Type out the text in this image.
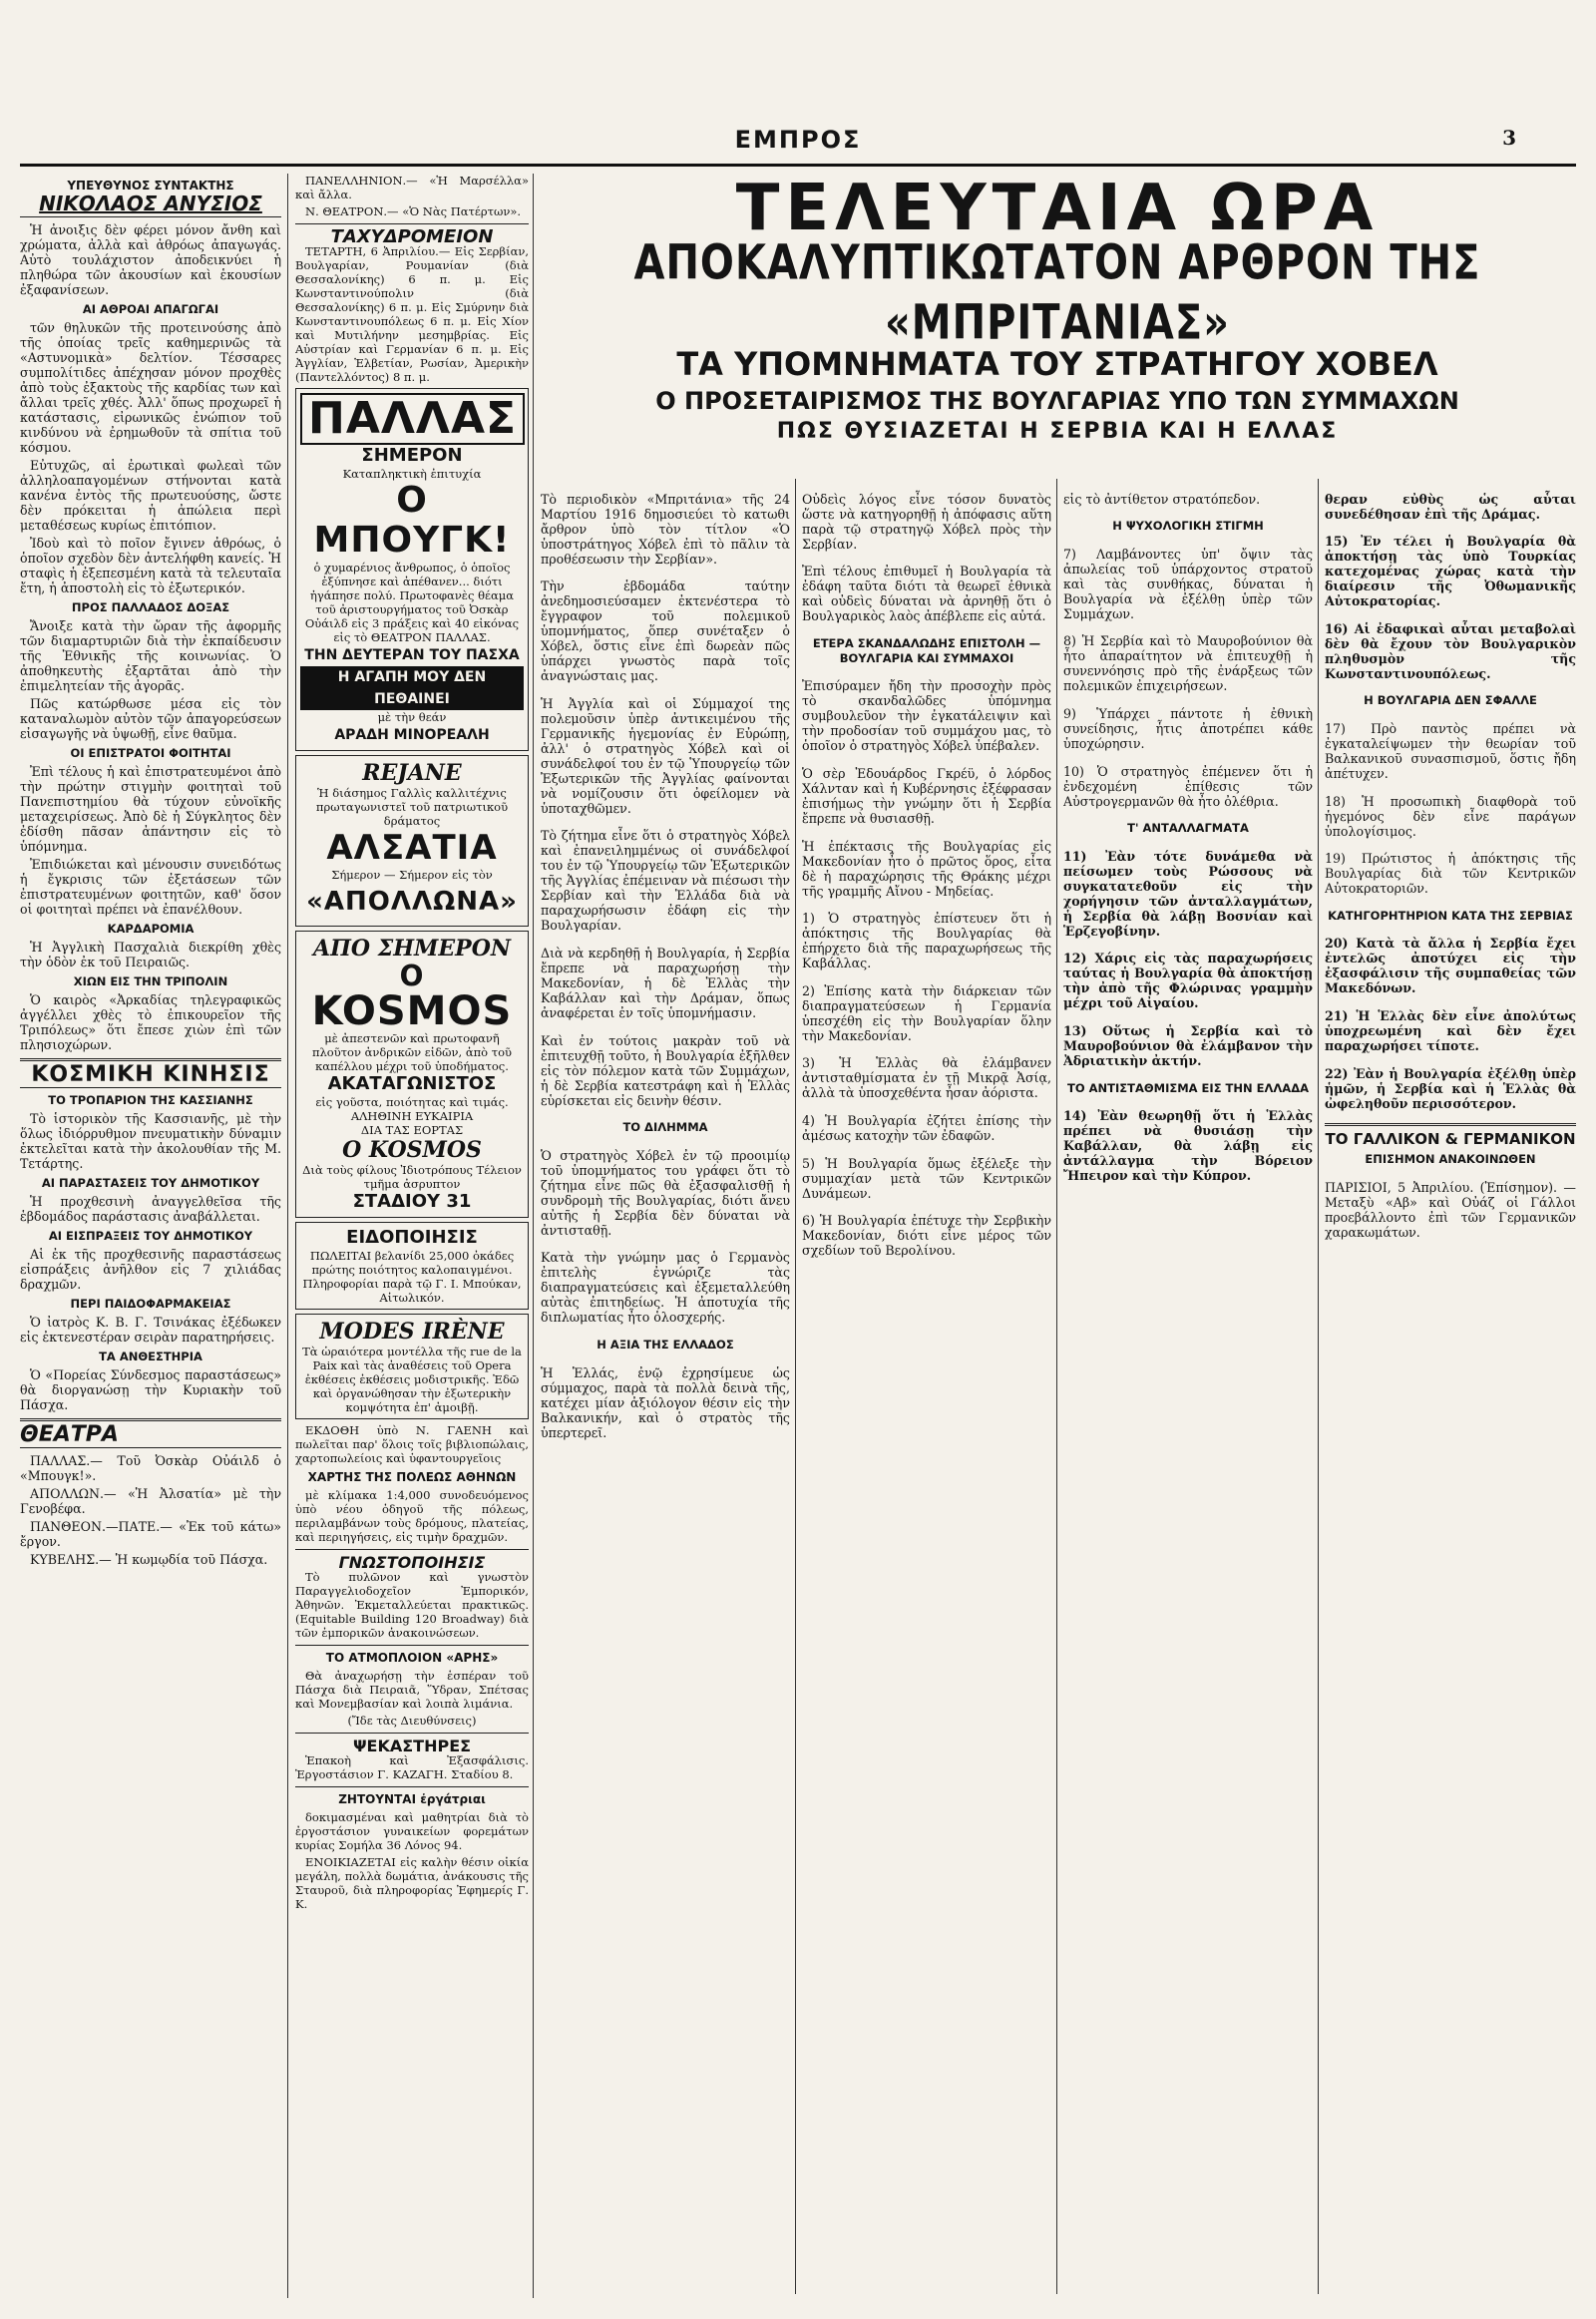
ΕΜΠΡΟΣ	3
ΥΠΕΥΘΥΝΟΣ ΣΥΝΤΑΚΤΗΣ
ΝΙΚΟΛΑΟΣ ΑΝΥΣΙΟΣ

Ἡ ἀνοιξις δὲν φέρει μόνον ἄνθη καὶ χρώματα, ἀλλὰ καὶ ἀθρόως ἀπαγωγάς. Αὐτὸ τουλάχιστον ἀποδεικνύει ἡ πληθώρα τῶν ἀκουσίων καὶ ἑκουσίων ἐξαφανίσεων.

ΑΙ ΑΘΡΟΑΙ ΑΠΑΓΩΓΑΙ

τῶν θηλυκῶν τῆς προτεινούσης ἀπὸ τῆς ὁποίας τρεῖς καθημερινῶς τὰ «Αστυνομικὰ» δελτίον. Τέσσαρες συμπολίτιδες ἀπέχησαν μόνον προχθὲς ἀπὸ τοὺς ἐξακτοὺς τῆς καρδίας των καὶ ἄλλαι τρεῖς χθές. Ἀλλ' ὅπως προχωρεῖ ἡ κατάστασις, εἰρωνικῶς ἐνώπιον τοῦ κινδύνου νὰ ἐρημωθοῦν τὰ σπίτια τοῦ κόσμου.

Εὐτυχῶς, αἱ ἐρωτικαὶ φωλεαὶ τῶν ἀλληλοαπαγομένων στήνονται κατὰ κανένα ἐντὸς τῆς πρωτευούσης, ὥστε δὲν πρόκειται ἡ ἀπώλεια περὶ μεταθέσεως κυρίως ἐπιτόπιον.

Ἰδοὺ καὶ τὸ ποῖον ἔγινεν ἀθρόως, ὁ ὁποῖον σχεδὸν δὲν ἀντελήφθη κανείς. Ἡ σταφὶς ἡ ἐξεπεσμένη κατὰ τὰ τελευταῖα ἔτη, ἡ ἀποστολὴ εἰς τὸ ἐξωτερικόν.

ΠΡΟΣ ΠΑΛΛΑΔΟΣ ΔΟΞΑΣ

Ἄνοιξε κατὰ τὴν ὥραν τῆς ἀφορμῆς τῶν διαμαρτυριῶν διὰ τὴν ἐκπαίδευσιν τῆς Ἐθνικῆς τῆς κοινωνίας. Ὁ ἀποθηκευτὴς ἐξαρτᾶται ἀπὸ τὴν ἐπιμελητείαν τῆς ἀγορᾶς.

Πῶς κατώρθωσε μέσα εἰς τὸν καταναλωμὸν αὐτὸν τῶν ἀπαγορεύσεων εἰσαγωγῆς νὰ ὑψωθῇ, εἶνε θαῦμα.

ΟΙ ΕΠΙΣΤΡΑΤΟΙ ΦΟΙΤΗΤΑΙ

Ἐπὶ τέλους ἡ καὶ ἐπιστρατευμένοι ἀπὸ τὴν πρώτην στιγμὴν φοιτηταὶ τοῦ Πανεπιστημίου θὰ τύχουν εὐνοϊκῆς μεταχειρίσεως. Ἀπὸ δὲ ἡ Σύγκλητος δὲν ἐδίσθη πᾶσαν ἀπάντησιν εἰς τὸ ὑπόμνημα.

Ἐπιδιώκεται καὶ μένουσιν συνειδότως ἡ ἔγκρισις τῶν ἐξετάσεων τῶν ἐπιστρατευμένων φοιτητῶν, καθ' ὅσον οἱ φοιτηταὶ πρέπει νὰ ἐπανέλθουν.

ΚΑΡΔΑΡΟΜΙΑ

Ἡ Ἀγγλικὴ Πασχαλιὰ διεκρίθη χθὲς τὴν ὁδὸν ἐκ τοῦ Πειραιῶς.

ΧΙΩΝ ΕΙΣ ΤΗΝ ΤΡΙΠΟΛΙΝ

Ὁ καιρὸς «Ἀρκαδίας τηλεγραφικῶς ἀγγέλλει χθὲς τὸ ἐπικουρεῖον τῆς Τριπόλεως» ὅτι ἔπεσε χιὼν ἐπὶ τῶν πλησιοχώρων.

ΚΟΣΜΙΚΗ ΚΙΝΗΣΙΣ
ΤΟ ΤΡΟΠΑΡΙΟΝ ΤΗΣ ΚΑΣΣΙΑΝΗΣ

Τὸ ἱστορικὸν τῆς Κασσιανῆς, μὲ τὴν ὅλως ἰδιόρρυθμον πνευματικὴν δύναμιν ἐκτελεῖται κατὰ τὴν ἀκολουθίαν τῆς Μ. Τετάρτης.

ΑΙ ΠΑΡΑΣΤΑΣΕΙΣ ΤΟΥ ΔΗΜΟΤΙΚΟΥ

Ἡ προχθεσινὴ ἀναγγελθεῖσα τῆς ἑβδομάδος παράστασις ἀναβάλλεται.

ΑΙ ΕΙΣΠΡΑΞΕΙΣ ΤΟΥ ΔΗΜΟΤΙΚΟΥ

Αἱ ἐκ τῆς προχθεσινῆς παραστάσεως εἰσπράξεις ἀνῆλθον εἰς 7 χιλιάδας δραχμῶν.

ΠΕΡΙ ΠΑΙΔΟΦΑΡΜΑΚΕΙΑΣ

Ὁ ἰατρὸς Κ. Β. Γ. Τσινάκας ἐξέδωκεν εἰς ἐκτενεστέραν σειρὰν παρατηρήσεις.

ΤΑ ΑΝΘΕΣΤΗΡΙΑ

Ὁ «Πορείας Σύνδεσμος παραστάσεως» θὰ διοργανώσῃ τὴν Κυριακὴν τοῦ Πάσχα.

ΘΕΑΤΡΑ

ΠΑΛΛΑΣ.— Τοῦ Ὀσκὰρ Οὐάιλδ ὁ «Μπουγκ!».

ΑΠΟΛΛΩΝ.— «Ἡ Ἀλσατία» μὲ τὴν Γενοβέφα.

ΠΑΝΘΕΟΝ.—ΠΑΤΕ.— «Ἐκ τοῦ κάτω» ἔργον.

ΚΥΒΕΛΗΣ.— Ἡ κωμῳδία τοῦ Πάσχα.

ΠΑΝΕΛΛΗΝΙΟΝ.— «Ἡ Μαρσέλλα» καὶ ἄλλα.

Ν. ΘΕΑΤΡΟΝ.— «Ὁ Νὰς Πατέρτων».

ΤΑΧΥΔΡΟΜΕΙΟΝ

ΤΕΤΑΡΤΗ, 6 Ἀπριλίου.— Εἰς Σερβίαν, Βουλγαρίαν, Ρουμανίαν (διὰ Θεσσαλονίκης) 6 π. μ. Εἰς Κωνσταντινούπολιν (διὰ Θεσσαλονίκης) 6 π. μ. Εἰς Σμύρνην διὰ Κωνσταντινουπόλεως 6 π. μ. Εἰς Χίον καὶ Μυτιλήνην μεσημβρίας. Εἰς Αὐστρίαν καὶ Γερμανίαν 6 π. μ. Εἰς Ἀγγλίαν, Ἑλβετίαν, Ρωσίαν, Ἀμερικὴν (Παντελλόντος) 8 π. μ.

ΠΑΛΛΑΣ
ΣΗΜΕΡΟΝ
Καταπληκτικὴ ἐπιτυχία
Ο ΜΠΟΥΓΚ!
ὁ χυμαρένιος ἄνθρωπος, ὁ ὁποῖος ἐξύπνησε καὶ ἀπέθανεν... διότι ἠγάπησε πολύ. Πρωτοφανὲς θέαμα τοῦ ἀριστουργήματος τοῦ Ὀσκὰρ Οὐάιλδ εἰς 3 πράξεις καὶ 40 εἰκόνας εἰς τὸ ΘΕΑΤΡΟΝ ΠΑΛΛΑΣ.
ΤΗΝ ΔΕΥΤΕΡΑΝ ΤΟΥ ΠΑΣΧΑ
Η ΑΓΑΠΗ ΜΟΥ ΔΕΝ ΠΕΘΑΙΝΕΙ
μὲ τὴν θεάν
ΑΡΑΔΗ ΜΙΝΟΡΕΑΛΗ
REJANE
Ἡ διάσημος Γαλλὶς καλλιτέχνις πρωταγωνιστεῖ τοῦ πατριωτικοῦ δράματος
ΑΛΣΑΤΙΑ
Σήμερον — Σήμερον εἰς τὸν
«ΑΠΟΛΛΩΝΑ»
ΑΠΟ ΣΗΜΕΡΟΝ
Ο
KOSMOS
μὲ ἀπεστενῶν καὶ πρωτοφανῆ πλοῦτον ἀνδρικῶν εἰδῶν, ἀπὸ τοῦ καπέλλου μέχρι τοῦ ὑποδήματος.
ΑΚΑΤΑΓΩΝΙΣΤΟΣ
εἰς γοῦστα, ποιότητας καὶ τιμάς. ΑΛΗΘΙΝΗ ΕΥΚΑΙΡΙΑ
ΔΙΑ ΤΑΣ ΕΟΡΤΑΣ
Ο KOSMOS
Διὰ τοὺς φίλους Ἰδιοτρόπους Τέλειον τμῆμα ἀσρυπτον
ΣΤΑΔΙΟΥ 31
ΕΙΔΟΠΟΙΗΣΙΣ
ΠΩΛΕΙΤΑΙ βελανίδι 25,000 ὀκάδες πρώτης ποιότητος καλοπαιγμένοι. Πληροφορίαι παρὰ τῷ Γ. Ι. Μπούκαν, Αἰτωλικόν.
MODES IRÈNE
Τὰ ὡραιότερα μοντέλλα τῆς rue de la Paix καὶ τὰς ἀναθέσεις τοῦ Opera ἐκθέσεις ἐκθέσεις μοδιστρικῆς. Ἐδῶ καὶ ὀργανώθησαν τὴν ἐξωτερικὴν κομψότητα ἐπ' ἀμοιβῇ.

ΕΚΔΟΘΗ ὑπὸ Ν. ΓΑΕΝΗ καὶ πωλεῖται παρ' ὅλοις τοῖς βιβλιοπώλαις, χαρτοπωλείοις καὶ ὑφαντουργεῖοις

ΧΑΡΤΗΣ ΤΗΣ ΠΟΛΕΩΣ ΑΘΗΝΩΝ

μὲ κλίμακα 1:4,000 συνοδευόμενος ὑπὸ νέου ὁδηγοῦ τῆς πόλεως, περιλαμβάνων τοὺς δρόμους, πλατείας, καὶ περιηγήσεις, εἰς τιμὴν δραχμῶν.

ΓΝΩΣΤΟΠΟΙΗΣΙΣ

Τὸ πυλῶνον καὶ γνωστὸν Παραγγελιοδοχεῖον Ἐμπορικόν, Ἀθηνῶν. Ἐκμεταλλεύεται πρακτικῶς. (Equitable Building 120 Broadway) διὰ τῶν ἐμπορικῶν ἀνακοινώσεων.

ΤΟ ΑΤΜΟΠΛΟΙΟΝ «ΑΡΗΣ»

Θὰ ἀναχωρήσῃ τὴν ἑσπέραν τοῦ Πάσχα διὰ Πειραιᾶ, Ὕδραν, Σπέτσας καὶ Μονεμβασίαν καὶ λοιπὰ λιμάνια.

(Ἴδε τὰς Διευθύνσεις)
ΨΕΚΑΣΤΗΡΕΣ

Ἑπακοὴ καὶ Ἐξασφάλισις. Ἐργοστάσιον Γ. ΚΑΖΑΓΗ. Σταδίου 8.

ΖΗΤΟΥΝΤΑΙ ἐργάτριαι

δοκιμασμέναι καὶ μαθητρίαι διὰ τὸ ἐργοστάσιον γυναικείων φορεμάτων κυρίας Σομήλα 36 Λόνος 94.

ΕΝΟΙΚΙΑΖΕΤΑΙ εἰς καλὴν θέσιν οἰκία μεγάλη, πολλὰ δωμάτια, ἀνάκουσις τῆς Σταυροῦ, διὰ πληροφορίας Ἐφημερίς Γ. Κ.

ΤΕΛΕΥΤΑΙΑ ΩΡΑ
ΑΠΟΚΑΛΥΠΤΙΚΩΤΑΤΟΝ ΑΡΘΡΟΝ ΤΗΣ «ΜΠΡΙΤΑΝΙΑΣ»
ΤΑ ΥΠΟΜΝΗΜΑΤΑ ΤΟΥ ΣΤΡΑΤΗΓΟΥ ΧΟΒΕΛ
Ο ΠΡΟΣΕΤΑΙΡΙΣΜΟΣ ΤΗΣ ΒΟΥΛΓΑΡΙΑΣ ΥΠΟ ΤΩΝ ΣΥΜΜΑΧΩΝ
ΠΩΣ ΘΥΣΙΑΖΕΤΑΙ Η ΣΕΡΒΙΑ ΚΑΙ Η ΕΛΛΑΣ

Τὸ περιοδικὸν «Μπριτάνια» τῆς 24 Μαρτίου 1916 δημοσιεύει τὸ κατωθι ἄρθρον ὑπὸ τὸν τίτλον «Ὁ ὑποστράτηγος Χόβελ ἐπὶ τὸ πᾶλιν τὰ προθέσεωσιν τὴν Σερβίαν».

Τὴν ἑβδομάδα ταύτην ἀνεδημοσιεύσαμεν ἐκτενέστερα τὸ ἔγγραφον τοῦ πολεμικοῦ ὑπομνήματος, ὅπερ συνέταξεν ὁ Χόβελ, ὅστις εἶνε ἐπὶ δωρεὰν πῶς ὑπάρχει γνωστὸς παρὰ τοῖς ἀναγνώσταις μας.

Ἡ Ἀγγλία καὶ οἱ Σύμμαχοί της πολεμοῦσιν ὑπὲρ ἀντικειμένου τῆς Γερμανικῆς ἡγεμονίας ἐν Εὐρώπῃ, ἀλλ' ὁ στρατηγὸς Χόβελ καὶ οἱ συνάδελφοί του ἐν τῷ Ὑπουργείῳ τῶν Ἐξωτερικῶν τῆς Ἀγγλίας φαίνονται νὰ νομίζουσιν ὅτι ὀφείλομεν νὰ ὑποταχθῶμεν.

Τὸ ζήτημα εἶνε ὅτι ὁ στρατηγὸς Χόβελ καὶ ἐπανειλημμένως οἱ συνάδελφοί του ἐν τῷ Ὑπουργείῳ τῶν Ἐξωτερικῶν τῆς Ἀγγλίας ἐπέμειναν νὰ πιέσωσι τὴν Σερβίαν καὶ τὴν Ἑλλάδα διὰ νὰ παραχωρήσωσιν ἐδάφη εἰς τὴν Βουλγαρίαν.

Διὰ νὰ κερδηθῇ ἡ Βουλγαρία, ἡ Σερβία ἔπρεπε νὰ παραχωρήσῃ τὴν Μακεδονίαν, ἡ δὲ Ἑλλὰς τὴν Καβάλλαν καὶ τὴν Δράμαν, ὅπως ἀναφέρεται ἐν τοῖς ὑπομνήμασιν.

Καὶ ἐν τούτοις μακρὰν τοῦ νὰ ἐπιτευχθῇ τοῦτο, ἡ Βουλγαρία ἐξῆλθεν εἰς τὸν πόλεμον κατὰ τῶν Συμμάχων, ἡ δὲ Σερβία κατεστράφη καὶ ἡ Ἑλλὰς εὑρίσκεται εἰς δεινὴν θέσιν.

ΤΟ ΔΙΛΗΜΜΑ

Ὁ στρατηγὸς Χόβελ ἐν τῷ προοιμίῳ τοῦ ὑπομνήματος του γράφει ὅτι τὸ ζήτημα εἶνε πῶς θὰ ἐξασφαλισθῇ ἡ συνδρομὴ τῆς Βουλγαρίας, διότι ἄνευ αὐτῆς ἡ Σερβία δὲν δύναται νὰ ἀντισταθῇ.

Κατὰ τὴν γνώμην μας ὁ Γερμανὸς ἐπιτελὴς ἐγνώριζε τὰς διαπραγματεύσεις καὶ ἐξεμεταλλεύθη αὐτὰς ἐπιτηδείως. Ἡ ἀποτυχία τῆς διπλωματίας ἦτο ὁλοσχερής.

Η ΑΞΙΑ ΤΗΣ ΕΛΛΑΔΟΣ

Ἡ Ἑλλάς, ἐνῷ ἐχρησίμευε ὡς σύμμαχος, παρὰ τὰ πολλὰ δεινὰ τῆς, κατέχει μίαν ἀξιόλογον θέσιν εἰς τὴν Βαλκανικήν, καὶ ὁ στρατὸς τῆς ὑπερτερεῖ.

Οὐδεὶς λόγος εἶνε τόσον δυνατὸς ὥστε νὰ κατηγορηθῇ ἡ ἀπόφασις αὕτη παρὰ τῷ στρατηγῷ Χόβελ πρὸς τὴν Σερβίαν.

Ἐπὶ τέλους ἐπιθυμεῖ ἡ Βουλγαρία τὰ ἐδάφη ταῦτα διότι τὰ θεωρεῖ ἐθνικὰ καὶ οὐδεὶς δύναται νὰ ἀρνηθῇ ὅτι ὁ Βουλγαρικὸς λαὸς ἀπέβλεπε εἰς αὐτά.

ΕΤΕΡΑ ΣΚΑΝΔΑΛΩΔΗΣ ΕΠΙΣΤΟΛΗ — ΒΟΥΛΓΑΡΙΑ ΚΑΙ ΣΥΜΜΑΧΟΙ

Ἐπισύραμεν ἤδη τὴν προσοχὴν πρὸς τὸ σκανδαλῶδες ὑπόμνημα συμβουλεῦον τὴν ἐγκατάλειψιν καὶ τὴν προδοσίαν τοῦ συμμάχου μας, τὸ ὁποῖον ὁ στρατηγὸς Χόβελ ὑπέβαλεν.

Ὁ σὲρ Ἐδουάρδος Γκρέϋ, ὁ λόρδος Χάλνταν καὶ ἡ Κυβέρνησις ἐξέφρασαν ἐπισήμως τὴν γνώμην ὅτι ἡ Σερβία ἔπρεπε νὰ θυσιασθῇ.

Ἡ ἐπέκτασις τῆς Βουλγαρίας εἰς Μακεδονίαν ἦτο ὁ πρῶτος ὅρος, εἶτα δὲ ἡ παραχώρησις τῆς Θράκης μέχρι τῆς γραμμῆς Αἴνου - Μηδείας.

1) Ὁ στρατηγὸς ἐπίστευεν ὅτι ἡ ἀπόκτησις τῆς Βουλγαρίας θὰ ἐπήρχετο διὰ τῆς παραχωρήσεως τῆς Καβάλλας.

2) Ἐπίσης κατὰ τὴν διάρκειαν τῶν διαπραγματεύσεων ἡ Γερμανία ὑπεσχέθη εἰς τὴν Βουλγαρίαν ὅλην τὴν Μακεδονίαν.

3) Ἡ Ἑλλὰς θὰ ἐλάμβανεν ἀντισταθμίσματα ἐν τῇ Μικρᾷ Ἀσίᾳ, ἀλλὰ τὰ ὑποσχεθέντα ἦσαν ἀόριστα.

4) Ἡ Βουλγαρία ἐζήτει ἐπίσης τὴν ἀμέσως κατοχὴν τῶν ἐδαφῶν.

5) Ἡ Βουλγαρία ὅμως ἐξέλεξε τὴν συμμαχίαν μετὰ τῶν Κεντρικῶν Δυνάμεων.

6) Ἡ Βουλγαρία ἐπέτυχε τὴν Σερβικὴν Μακεδονίαν, διότι εἶνε μέρος τῶν σχεδίων τοῦ Βερολίνου.

εἰς τὸ ἀντίθετον στρατόπεδον.

Η ΨΥΧΟΛΟΓΙΚΗ ΣΤΙΓΜΗ

7) Λαμβάνοντες ὑπ' ὄψιν τὰς ἀπωλείας τοῦ ὑπάρχοντος στρατοῦ καὶ τὰς συνθήκας, δύναται ἡ Βουλγαρία νὰ ἐξέλθῃ ὑπὲρ τῶν Συμμάχων.

8) Ἡ Σερβία καὶ τὸ Μαυροβούνιον θὰ ἦτο ἀπαραίτητον νὰ ἐπιτευχθῇ ἡ συνεννόησις πρὸ τῆς ἐνάρξεως τῶν πολεμικῶν ἐπιχειρήσεων.

9) Ὑπάρχει πάντοτε ἡ ἐθνικὴ συνείδησις, ἧτις ἀποτρέπει κάθε ὑποχώρησιν.

10) Ὁ στρατηγὸς ἐπέμενεν ὅτι ἡ ἐνδεχομένη ἐπίθεσις τῶν Αὐστρογερμανῶν θὰ ἦτο ὀλέθρια.

Τ' ΑΝΤΑΛΛΑΓΜΑΤΑ

11) Ἐὰν τότε δυνάμεθα νὰ πείσωμεν τοὺς Ρώσσους νὰ συγκατατεθοῦν εἰς τὴν χορήγησιν τῶν ἀνταλλαγμάτων, ἡ Σερβία θὰ λάβῃ Βοσνίαν καὶ Ἑρζεγοβίνην.

12) Χάρις εἰς τὰς παραχωρήσεις ταύτας ἡ Βουλγαρία θὰ ἀποκτήσῃ τὴν ἀπὸ τῆς Φλώρινας γραμμὴν μέχρι τοῦ Αἰγαίου.

13) Οὕτως ἡ Σερβία καὶ τὸ Μαυροβούνιον θὰ ἐλάμβανον τὴν Ἀδριατικὴν ἀκτήν.

ΤΟ ΑΝΤΙΣΤΑΘΜΙΣΜΑ ΕΙΣ ΤΗΝ ΕΛΛΑΔΑ

14) Ἐὰν θεωρηθῇ ὅτι ἡ Ἑλλὰς πρέπει νὰ θυσιάσῃ τὴν Καβάλλαν, θὰ λάβῃ εἰς ἀντάλλαγμα τὴν Βόρειον Ἤπειρον καὶ τὴν Κύπρον.

θεραν εὐθὺς ὡς αὗται συνεδέθησαν ἐπὶ τῆς Δράμας.

15) Ἐν τέλει ἡ Βουλγαρία θὰ ἀποκτήσῃ τὰς ὑπὸ Τουρκίας κατεχομένας χώρας κατὰ τὴν διαίρεσιν τῆς Ὀθωμανικῆς Αὐτοκρατορίας.

16) Αἱ ἐδαφικαὶ αὗται μεταβολαὶ δὲν θὰ ἔχουν τὸν Βουλγαρικὸν πληθυσμὸν τῆς Κωνσταντινουπόλεως.

Η ΒΟΥΛΓΑΡΙΑ ΔΕΝ ΣΦΑΛΛΕ

17) Πρὸ παντὸς πρέπει νὰ ἐγκαταλείψωμεν τὴν θεωρίαν τοῦ Βαλκανικοῦ συνασπισμοῦ, ὅστις ἤδη ἀπέτυχεν.

18) Ἡ προσωπικὴ διαφθορὰ τοῦ ἡγεμόνος δὲν εἶνε παράγων ὑπολογίσιμος.

19) Πρώτιστος ἡ ἀπόκτησις τῆς Βουλγαρίας διὰ τῶν Κεντρικῶν Αὐτοκρατοριῶν.

ΚΑΤΗΓΟΡΗΤΗΡΙΟΝ ΚΑΤΑ ΤΗΣ ΣΕΡΒΙΑΣ

20) Κατὰ τὰ ἄλλα ἡ Σερβία ἔχει ἐντελῶς ἀποτύχει εἰς τὴν ἐξασφάλισιν τῆς συμπαθείας τῶν Μακεδόνων.

21) Ἡ Ἑλλὰς δὲν εἶνε ἀπολύτως ὑποχρεωμένη καὶ δὲν ἔχει παραχωρήσει τίποτε.

22) Ἐὰν ἡ Βουλγαρία ἐξέλθῃ ὑπὲρ ἡμῶν, ἡ Σερβία καὶ ἡ Ἑλλὰς θὰ ὠφεληθοῦν περισσότερον.

ΤΟ ΓΑΛΛΙΚΟΝ & ΓΕΡΜΑΝΙΚΟΝ
ΕΠΙΣΗΜΟΝ ΑΝΑΚΟΙΝΩΘΕΝ

ΠΑΡΙΣΙΟΙ, 5 Ἀπριλίου. (Ἐπίσημον). — Μεταξὺ «Αβ» καὶ Οὐάζ οἱ Γάλλοι προεβάλλοντο ἐπὶ τῶν Γερμανικῶν χαρακωμάτων.
